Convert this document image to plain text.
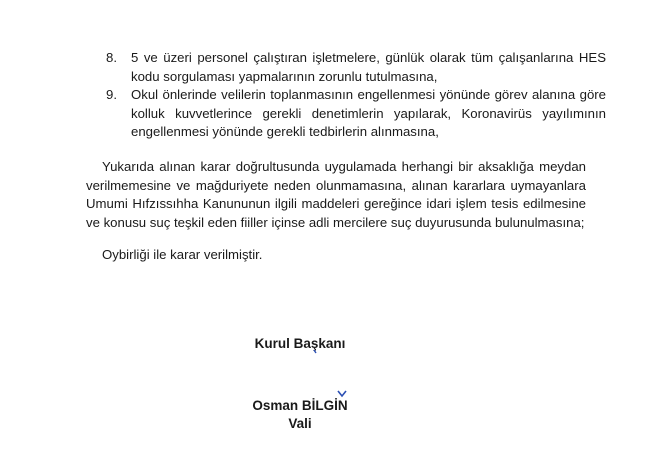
8. 5 ve üzeri personel çalıştıran işletmelere, günlük olarak tüm çalışanlarına HES kodu sorgulaması yapmalarının zorunlu tutulmasına,
9. Okul önlerinde velilerin toplanmasının engellenmesi yönünde görev alanına göre kolluk kuvvetlerince gerekli denetimlerin yapılarak, Koronavirüs yayılımının engellenmesi yönünde gerekli tedbirlerin alınmasına,
Yukarıda alınan karar doğrultusunda uygulamada herhangi bir aksaklığa meydan verilmemesine ve mağduriyete neden olunmamasına, alınan kararlara uymayanlara Umumi Hıfzıssıhha Kanununun ilgili maddeleri gereğince idari işlem tesis edilmesine ve konusu suç teşkil eden fiiller içinse adli mercilere suç duyurusunda bulunulmasına;
Oybirliği ile karar verilmiştir.
Kurul Başkanı
Osman BİLGİN
Vali
